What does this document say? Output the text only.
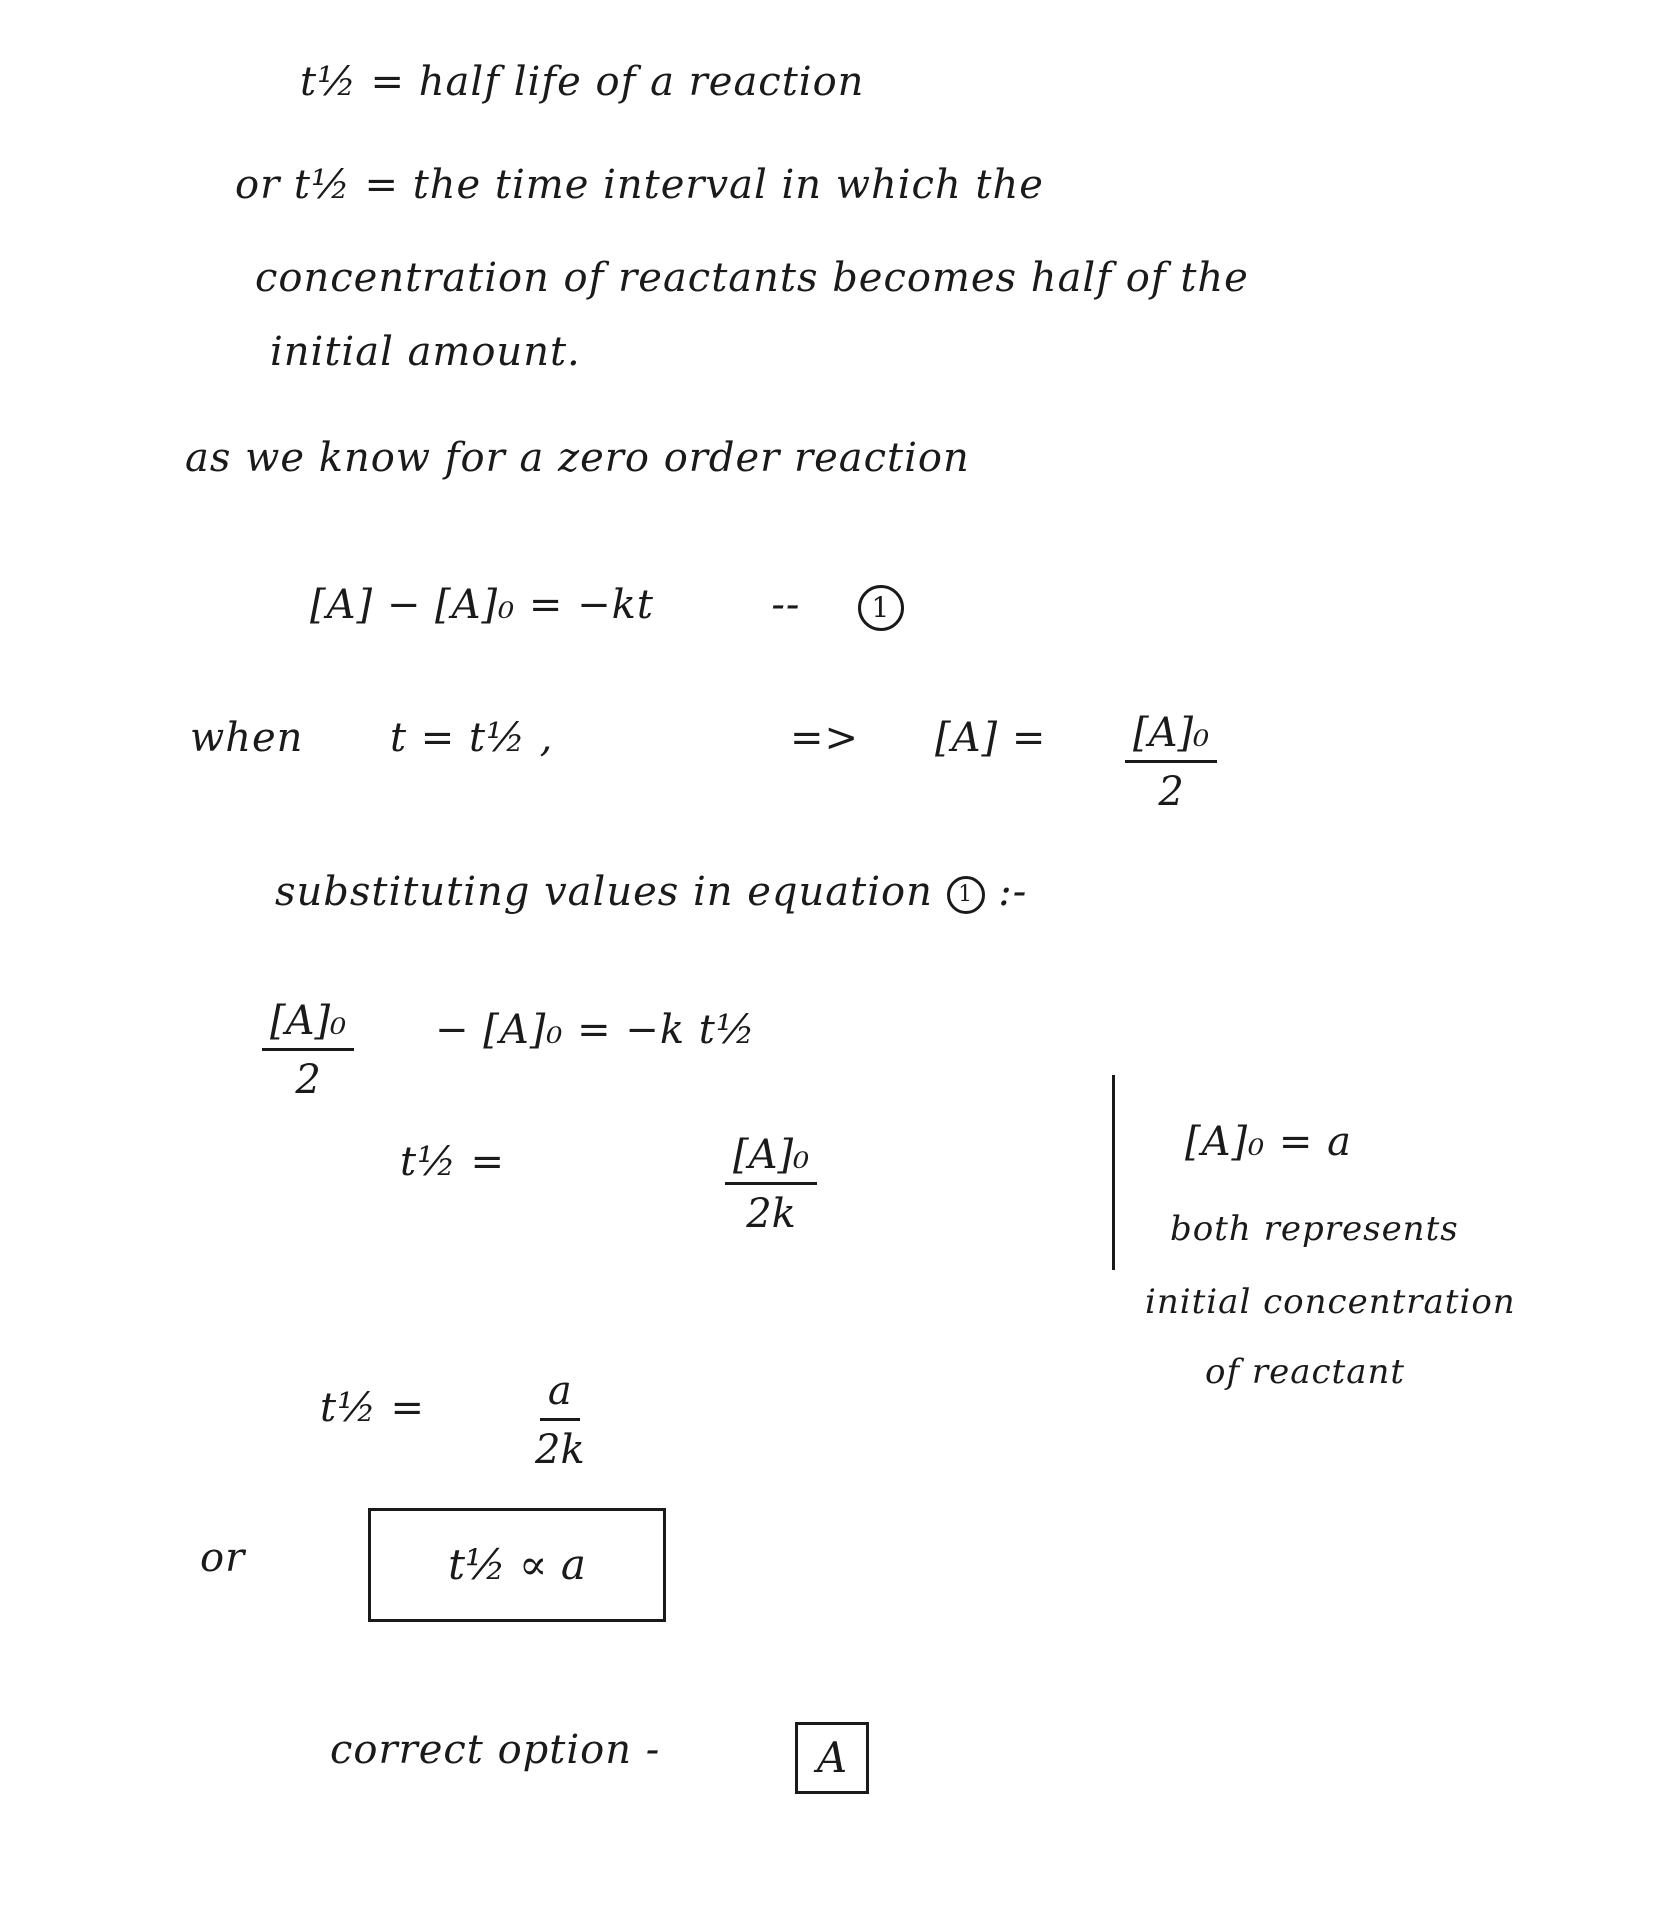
t½ = half life of a reaction
or t½ = the time interval in which the
concentration of reactants becomes half of the
initial amount.
as we know for a zero order reaction
[A] − [A]₀ = −kt	--	1
when t = t½ ,	=> $[A] = \frac{\text{[A]₀}}{2}$
substituting values in equation 1 :-
$\frac{\text{[A]₀}}{2} - [A]_0 = -k$ t½
t½ =	$\frac{\text{[A]₀}}{2k}$	[A]₀ = a
both represents
initial concentration
of reactant
t½ =	$\frac{a}{2k}$
or	t½ ∝ a
correct option -	A
